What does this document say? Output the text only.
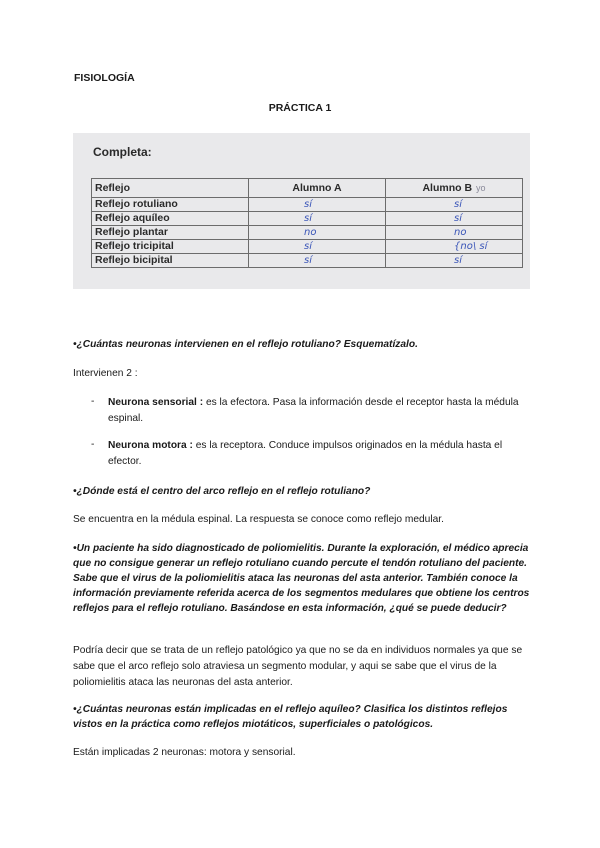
FISIOLOGÍA
PRÁCTICA 1
Completa:
Reflejo	Alumno A	Alumno B yo
Reflejo rotuliano	sí	sí
Reflejo aquíleo	sí	sí
Reflejo plantar	no	no
Reflejo tricipital	sí	{no\ sí
Reflejo bicipital	sí	sí
•¿Cuántas neuronas intervienen en el reflejo rotuliano? Esquematízalo.
Intervienen 2 :
- Neurona sensorial : es la efectora. Pasa la información desde el receptor hasta la médula espinal.
- Neurona motora : es la receptora. Conduce impulsos originados en la médula hasta el efector.
•¿Dónde está el centro del arco reflejo en el reflejo rotuliano?
Se encuentra en la médula espinal. La respuesta se conoce como reflejo medular.
•Un paciente ha sido diagnosticado de poliomielitis. Durante la exploración, el médico aprecia que no consigue generar un reflejo rotuliano cuando percute el tendón rotuliano del paciente. Sabe que el virus de la poliomielitis ataca las neuronas del asta anterior. También conoce la información previamente referida acerca de los segmentos medulares que obtiene los centros reflejos para el reflejo rotuliano. Basándose en esta información, ¿qué se puede deducir?
Podría decir que se trata de un reflejo patológico ya que no se da en individuos normales ya que se sabe que el arco reflejo solo atraviesa un segmento modular, y aqui se sabe que el virus de la poliomielitis ataca las neuronas del asta anterior.
•¿Cuántas neuronas están implicadas en el reflejo aquíleo? Clasifica los distintos reflejos vistos en la práctica como reflejos miotáticos, superficiales o patológicos.
Están implicadas 2 neuronas: motora y sensorial.
